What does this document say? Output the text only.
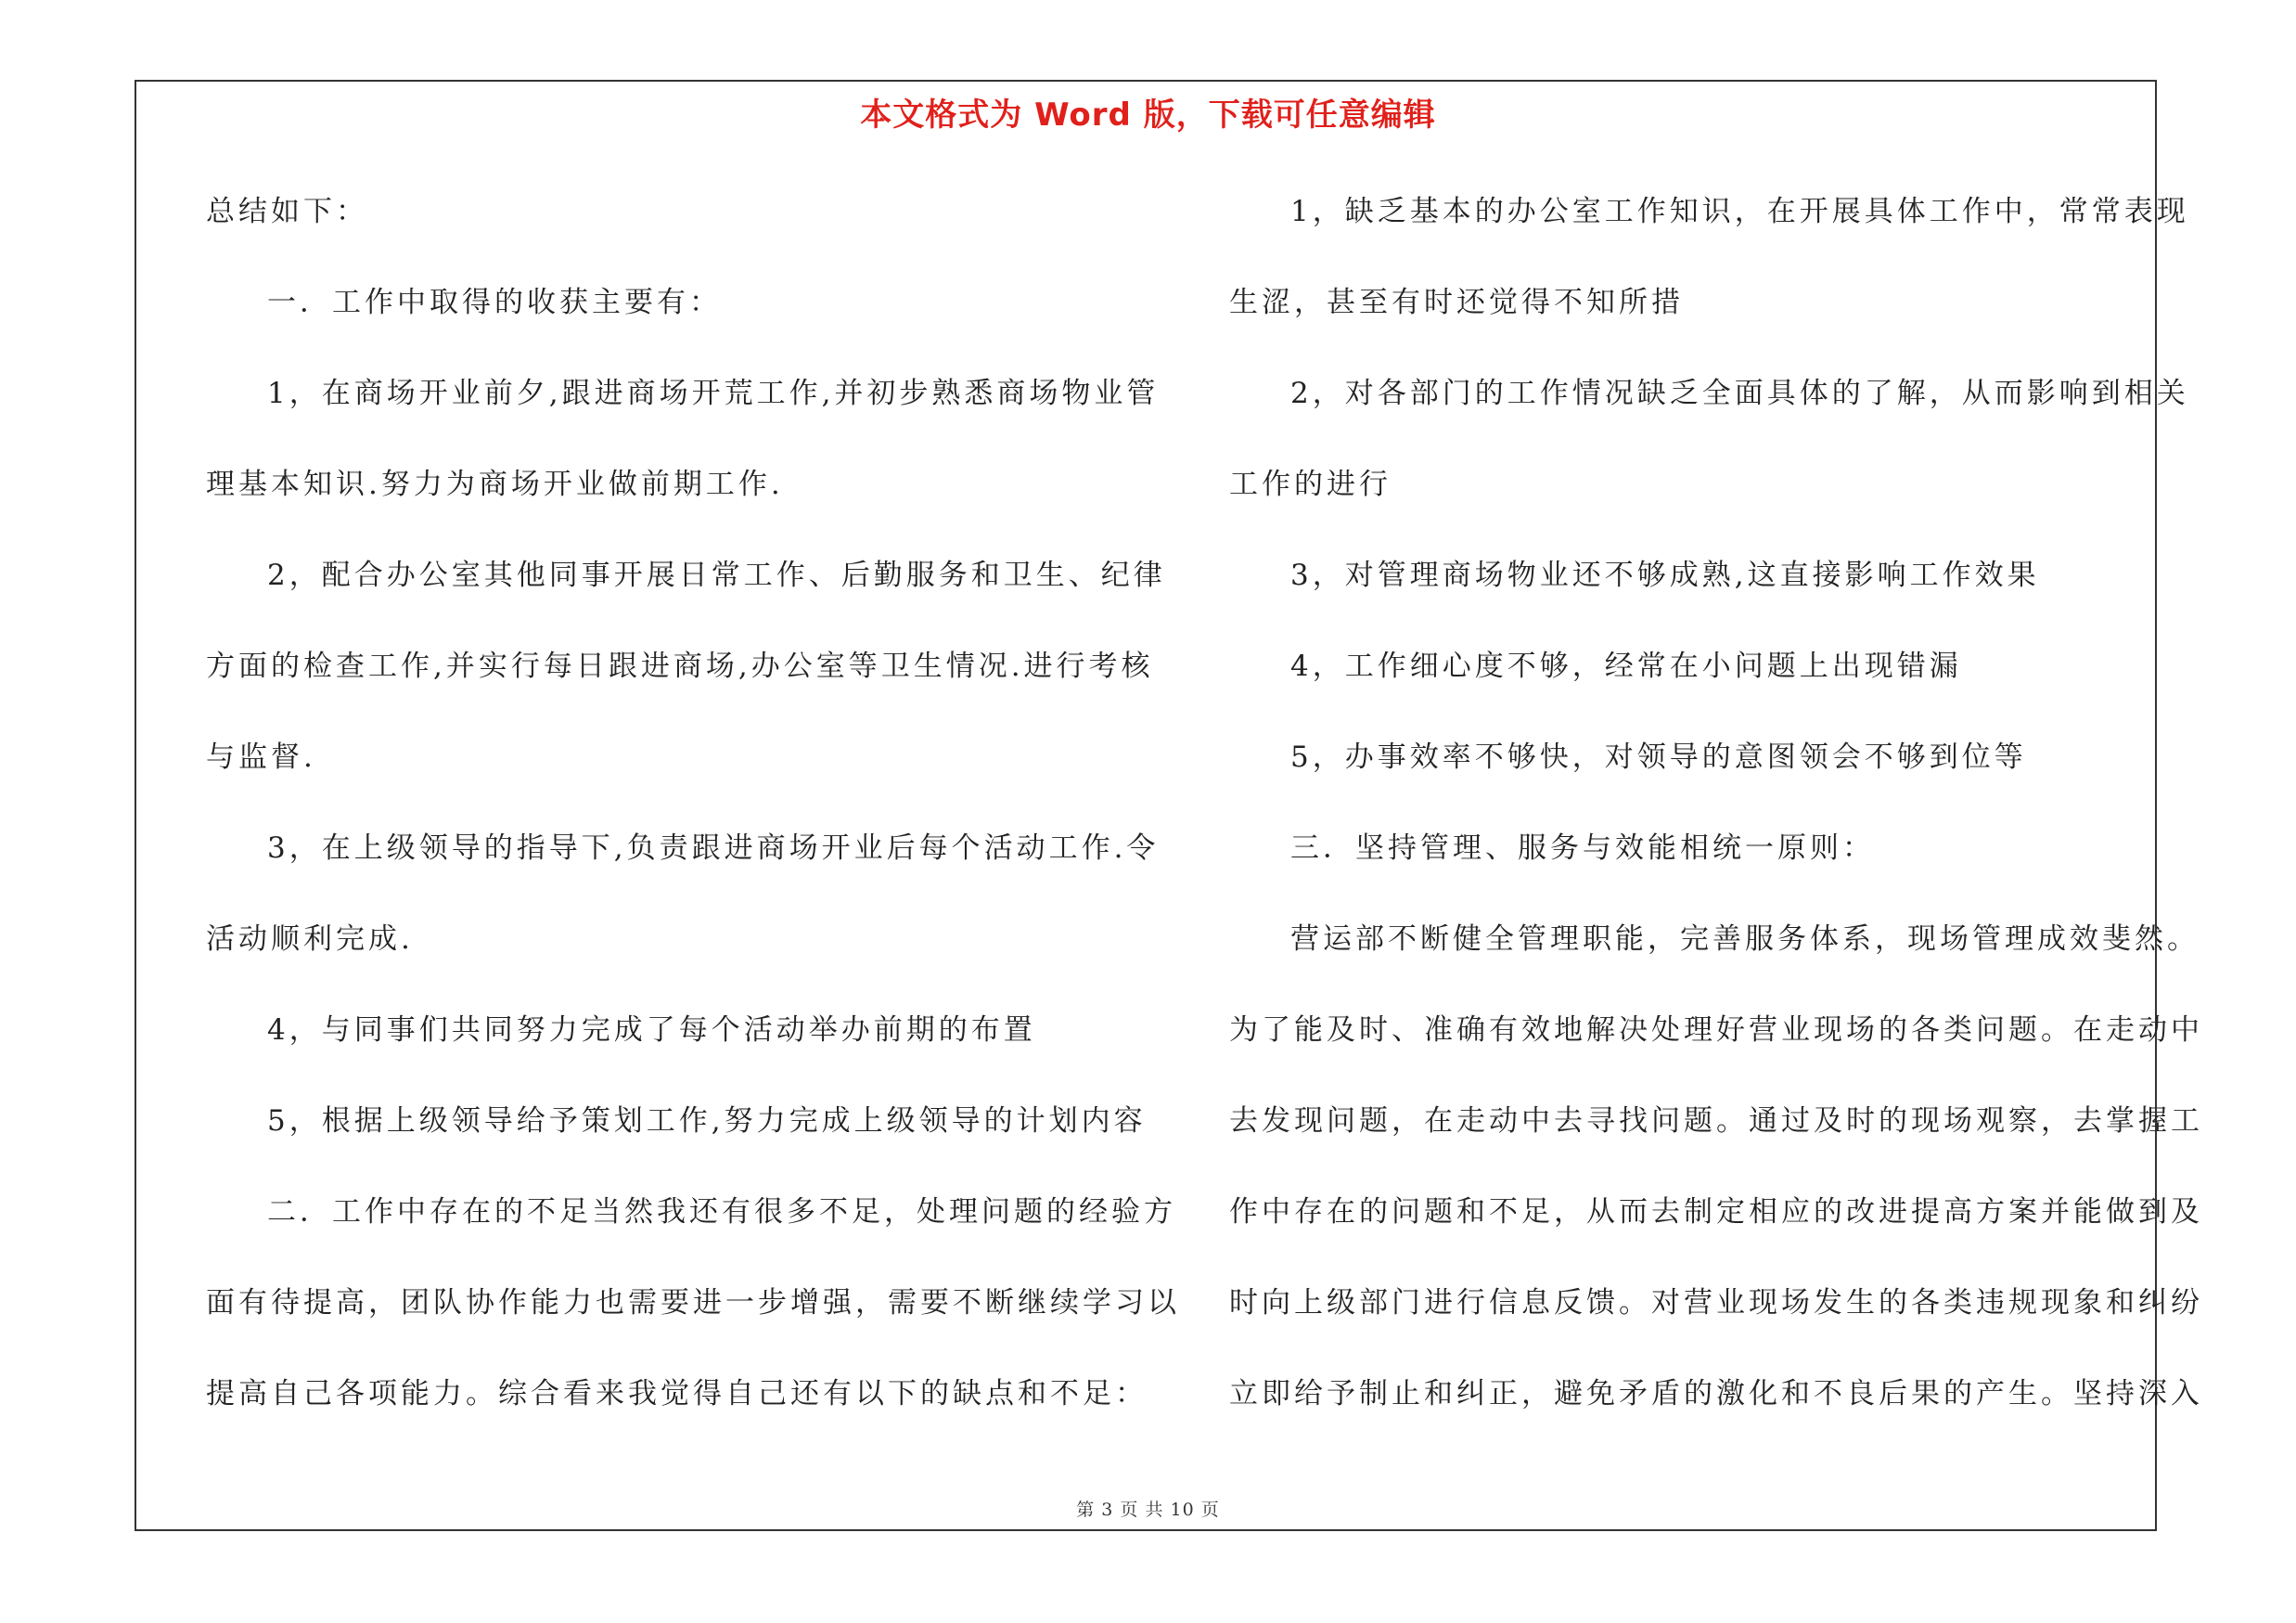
本文格式为 Word 版，下载可任意编辑
总结如下：
一．工作中取得的收获主要有：
1，在商场开业前夕,跟进商场开荒工作,并初步熟悉商场物业管
理基本知识.努力为商场开业做前期工作.
2，配合办公室其他同事开展日常工作、后勤服务和卫生、纪律
方面的检查工作,并实行每日跟进商场,办公室等卫生情况.进行考核
与监督.
3，在上级领导的指导下,负责跟进商场开业后每个活动工作.令
活动顺利完成.
4，与同事们共同努力完成了每个活动举办前期的布置
5，根据上级领导给予策划工作,努力完成上级领导的计划内容
二．工作中存在的不足当然我还有很多不足，处理问题的经验方
面有待提高，团队协作能力也需要进一步增强，需要不断继续学习以
提高自己各项能力。综合看来我觉得自己还有以下的缺点和不足：
1，缺乏基本的办公室工作知识，在开展具体工作中，常常表现
生涩，甚至有时还觉得不知所措
2，对各部门的工作情况缺乏全面具体的了解，从而影响到相关
工作的进行
3，对管理商场物业还不够成熟,这直接影响工作效果
4，工作细心度不够，经常在小问题上出现错漏
5，办事效率不够快，对领导的意图领会不够到位等
三．坚持管理、服务与效能相统一原则：
营运部不断健全管理职能，完善服务体系，现场管理成效斐然。
为了能及时、准确有效地解决处理好营业现场的各类问题。在走动中
去发现问题，在走动中去寻找问题。通过及时的现场观察，去掌握工
作中存在的问题和不足，从而去制定相应的改进提高方案并能做到及
时向上级部门进行信息反馈。对营业现场发生的各类违规现象和纠纷
立即给予制止和纠正，避免矛盾的激化和不良后果的产生。坚持深入
第 3 页 共 10 页
